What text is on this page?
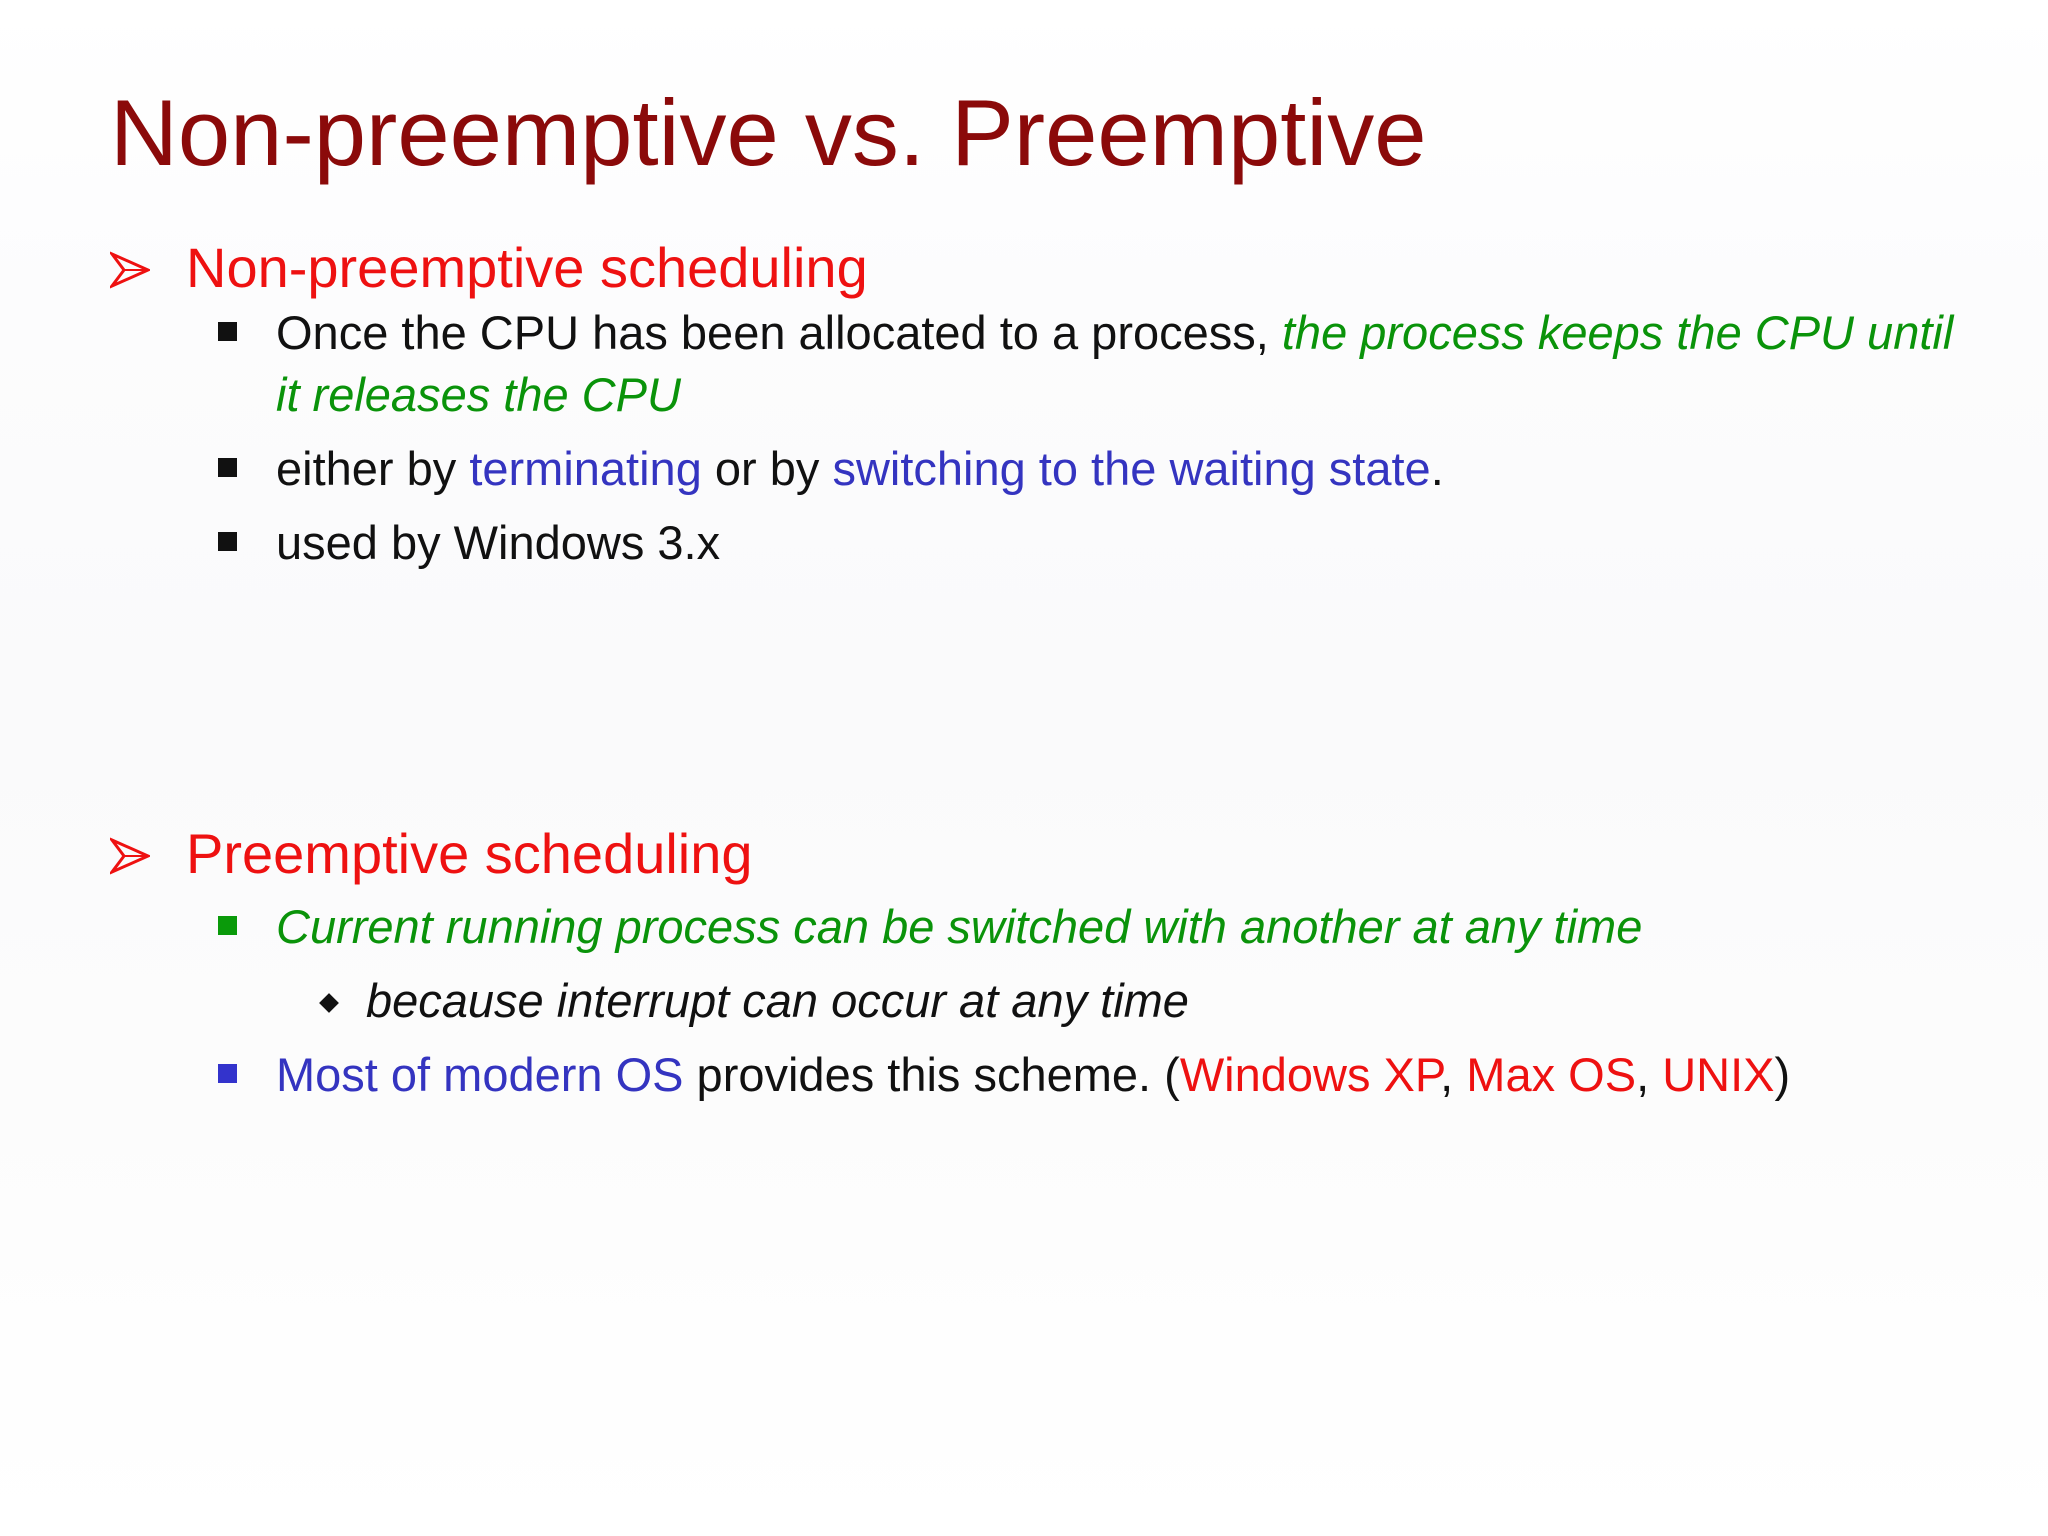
Non-preemptive vs. Preemptive
Non-preemptive scheduling
Once the CPU has been allocated to a process, the process keeps the CPU until it releases the CPU
either by terminating or by switching to the waiting state.
used by Windows 3.x
Preemptive scheduling
Current running process can be switched with another at any time
because interrupt can occur at any time
Most of modern OS provides this scheme. (Windows XP, Max OS, UNIX)
